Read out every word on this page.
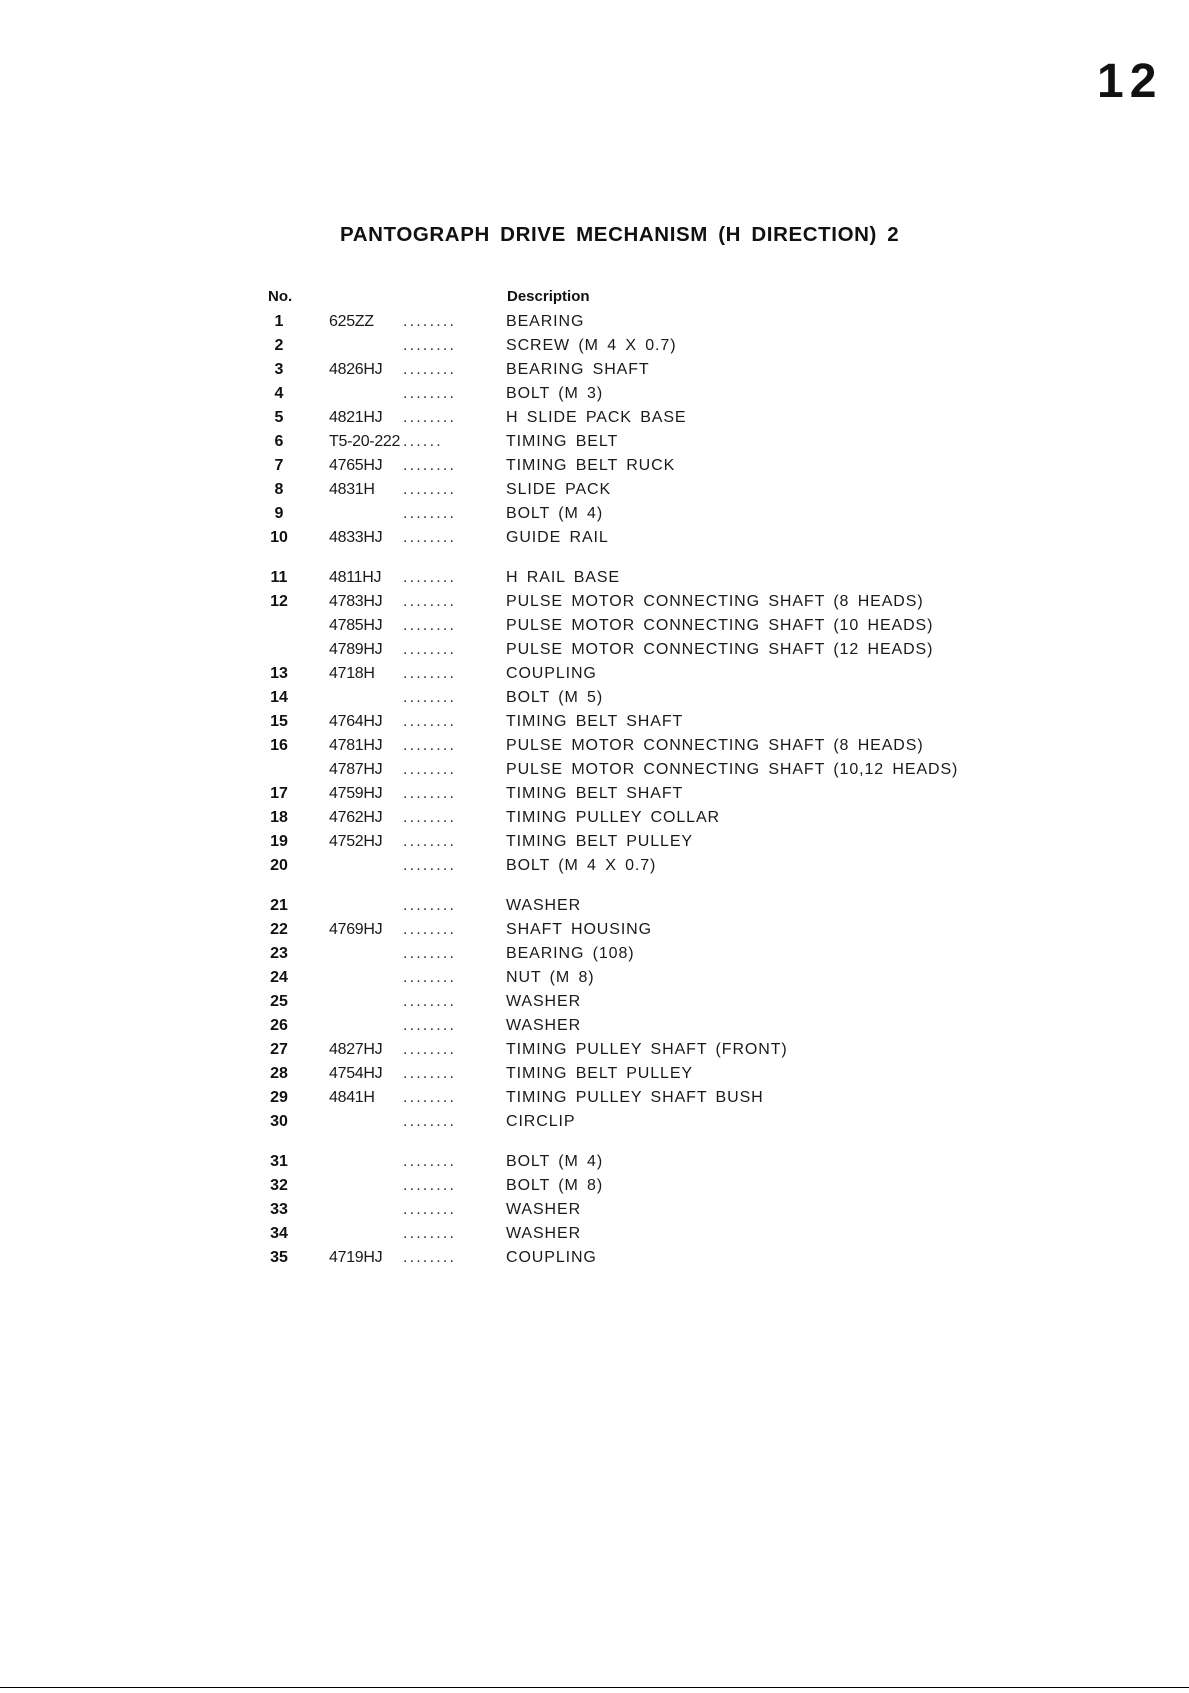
12
PANTOGRAPH DRIVE MECHANISM (H DIRECTION) 2
No.	Description
1	625ZZ ........	BEARING
2	........	SCREW (M 4 X 0.7)
3	4826HJ ........	BEARING SHAFT
4	........	BOLT (M 3)
5	4821HJ ........	H SLIDE PACK BASE
6	T5-20-222 ......	TIMING BELT
7	4765HJ ........	TIMING BELT RUCK
8	4831H ........	SLIDE PACK
9	........	BOLT (M 4)
10	4833HJ ........	GUIDE RAIL
11	4811HJ ........	H RAIL BASE
12	4783HJ ........	PULSE MOTOR CONNECTING SHAFT (8 HEADS)
4785HJ ........	PULSE MOTOR CONNECTING SHAFT (10 HEADS)
4789HJ ........	PULSE MOTOR CONNECTING SHAFT (12 HEADS)
13	4718H ........	COUPLING
14	........	BOLT (M 5)
15	4764HJ ........	TIMING BELT SHAFT
16	4781HJ ........	PULSE MOTOR CONNECTING SHAFT (8 HEADS)
4787HJ ........	PULSE MOTOR CONNECTING SHAFT (10,12 HEADS)
17	4759HJ ........	TIMING BELT SHAFT
18	4762HJ ........	TIMING PULLEY COLLAR
19	4752HJ ........	TIMING BELT PULLEY
20	........	BOLT (M 4 X 0.7)
21	........	WASHER
22	4769HJ ........	SHAFT HOUSING
23	........	BEARING (108)
24	........	NUT (M 8)
25	........	WASHER
26	........	WASHER
27	4827HJ ........	TIMING PULLEY SHAFT (FRONT)
28	4754HJ ........	TIMING BELT PULLEY
29	4841H ........	TIMING PULLEY SHAFT BUSH
30	........	CIRCLIP
31	........	BOLT (M 4)
32	........	BOLT (M 8)
33	........	WASHER
34	........	WASHER
35	4719HJ ........	COUPLING
